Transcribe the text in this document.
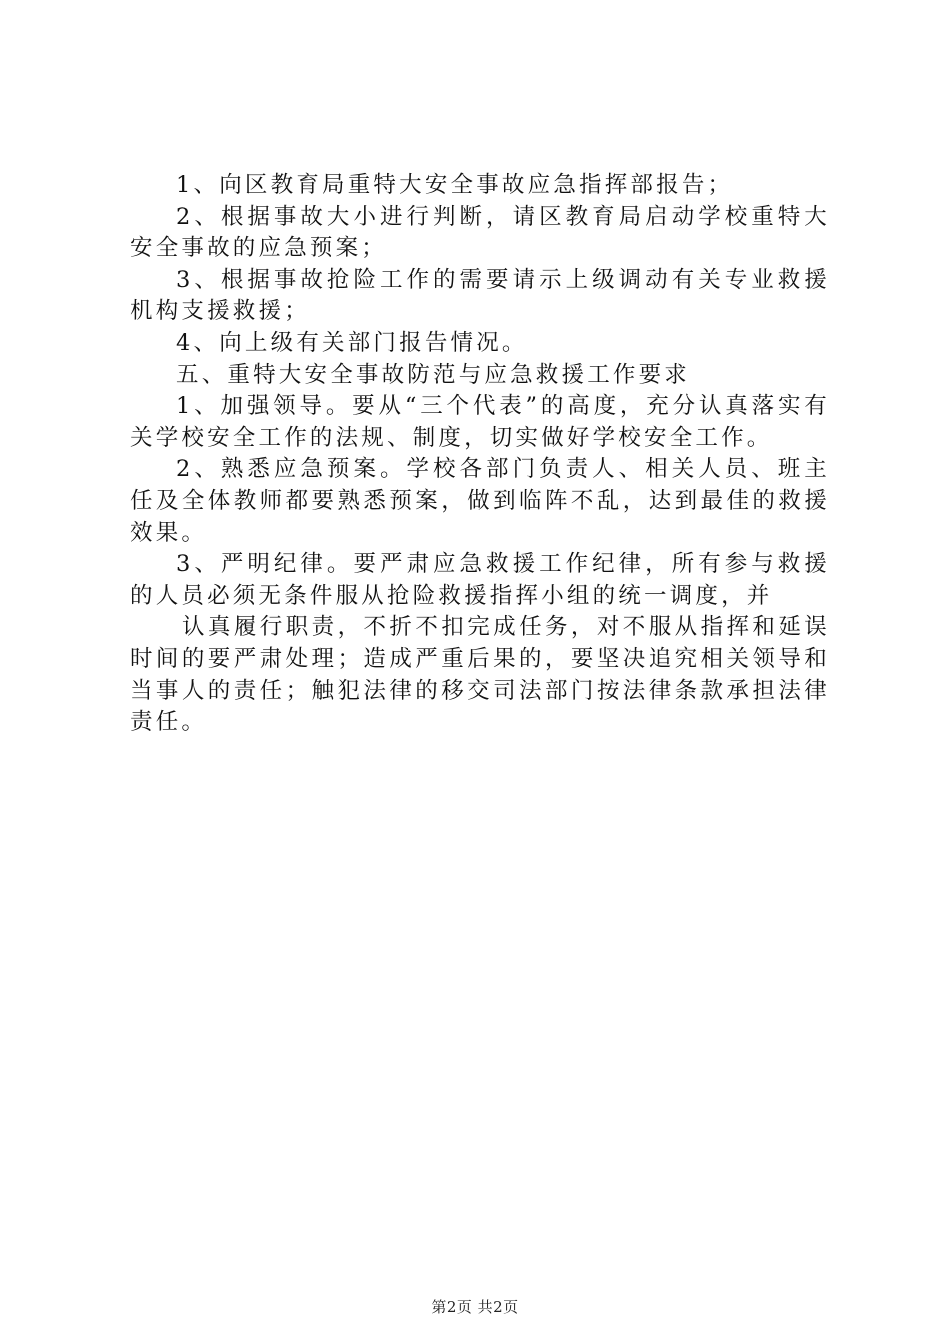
1、向区教育局重特大安全事故应急指挥部报告；

2、根据事故大小进行判断，请区教育局启动学校重特大安全事故的应急预案；

3、根据事故抢险工作的需要请示上级调动有关专业救援机构支援救援；

4、向上级有关部门报告情况。

五、重特大安全事故防范与应急救援工作要求

1、加强领导。要从“三个代表”的高度，充分认真落实有关学校安全工作的法规、制度，切实做好学校安全工作。

2、熟悉应急预案。学校各部门负责人、相关人员、班主任及全体教师都要熟悉预案，做到临阵不乱，达到最佳的救援效果。

3、严明纪律。要严肃应急救援工作纪律，所有参与救援的人员必须无条件服从抢险救援指挥小组的统一调度，并

认真履行职责，不折不扣完成任务，对不服从指挥和延误时间的要严肃处理；造成严重后果的，要坚决追究相关领导和当事人的责任；触犯法律的移交司法部门按法律条款承担法律责任。

第2页 共2页
